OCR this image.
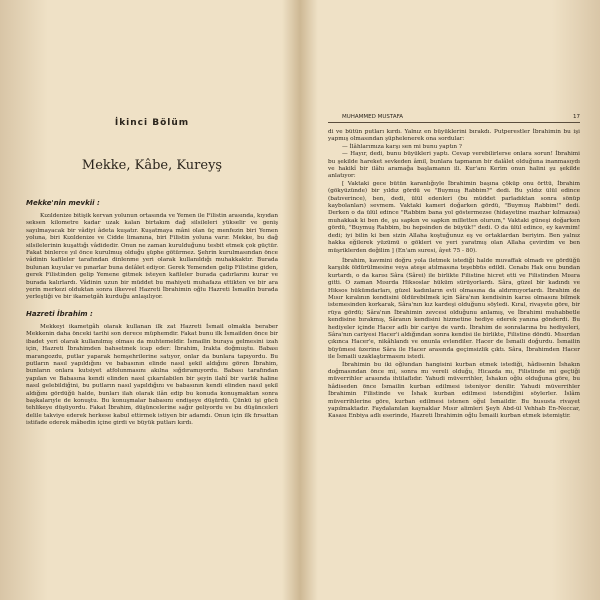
İkinci Bölüm
Mekke, Kâbe, Kureyş
Mekke'nin mevkii :

Kızıldenize bitişik kervan yolunun ortasında ve Yemen ile Filistin arasında, kıyıdan seksen kilometre kadar uzak kalan birtakım dağ silsileleri yükselir ve geniş sayılmayacak bir vâdiyi âdeta kuşatır. Kuşatmaya mâni olan üç menfezin biri Yemen yoluna, biri Kızıldenize ve Cidde limanına, biri Filistin yoluna varır. Mekke, bu dağ silsilelerinin kuşattığı vâdidedir. Onun ne zaman kurulduğunu tesbit etmek çok güçtür. Fakat binlerce yıl önce kurulmuş olduğu şüphe götürmez. Şehrin kurulmasından önce vâdinin kafileler tarafından dinlenme yeri olarak kullanıldığı muhakkaktır. Burada bulunan kuyular ve pınarlar buna delâlet ediyor. Gerek Yemenden gelip Filistine giden, gerek Filistinden gelip Yemene gitmek isteyen kafileler burada çadırlarını kurar ve burada kalırlardı. Vâdinin uzun bir müddet bu mahiyeti muhafaza ettikten ve bir ara yerin merkezi olduktan sonra ilkevvel Hazreti İbrahimin oğlu Hazreti İsmailin burada yerleştiği ve bir ikametgâh kurduğu anlaşılıyor.

Hazreti İbrahim :

Mekkeyi ikametgâh olarak kullanan ilk zat Hazreti İsmail olmakla beraber Mekkenin daha önceki tarihi son derece müphemdir. Fakat bunu ilk İsmailden önce bir ibadet yeri olarak kullanılmış olması da muhtemeldir. İsmailin buraya gelmesini izah için, Hazreti İbrahimden bahsetmek icap eder: İbrahim, Irakta doğmuştu. Babası marangozdu, putlar yaparak hemşehrilerine satıyor, onlar da bunlara tapıyordu. Bu putların nasıl yapıldığını ve babasının elinde nasıl şekil aldığını gören İbrahim, bunların onlara kutsiyet atfolunmasını akılna sığdıramıyordu. Babası tarafından yapılan ve Babasına kendi elinden nasıl çıkarılabilen bir şeyin ilahî bir varlık haline nasıl gelebildiğini, bu putların nasıl yapıldığını ve babasının kendi elinden nasıl şekil aldığını gördüğü halde, bunları ilah olarak ilân edip bu konuda konuşmaktan sonra başkalarıyle de konuştu. Bu konuşmalar babasını endişeye düşürdü. Çünkü işi gücü tehlikeye düşüyordu. Fakat İbrahim, düşüncelerine sağır geliyordu ve bu düşünceleri delile takviye ederek herkese kabul ettirmek istiyen bir adamdı. Onun için ilk fırsattan istifade ederek mâbedin içine girdi ve büyük putları kırdı.

MUHAMMED MUSTAFA	17

di ve bütün putları kırdı. Yalnız en büyüklerini bırakdı. Putperestler İbrahimin bu işi yapmış olmasından şüphelenerek ona sordular:

— İlâhlarımıza karşı sen mi bunu yaptın ?

— Hayır, dedi, bunu büyükleri yaptı. Cevap verebilirlerse onlara sorun! İbrahimi bu şekilde hareket sevkeden âmil, bunlara tapmanın bir dalâlet olduğuna inanmasıydı ve hakikî bir ilâhı aramağa başlamanın ili. Kur'anı Kerim onun halini şu şekilde anlatıyor:

[ Vaktaki gece bütün karanlığıyle İbrahimin başına çöküp onu örttü, İbrahim (gökyüzünde) bir yıldız gördü ve "Buymuş Rabbim?" dedi. Bu yıldız ülül edince (batıverince), ben, dedi, ülül edenleri (bu müddet parladıktan sonra sönüp kaybolanları) sevmem. Vaktaki kameri doğarken gördü, "Buymuş Rabbim!" dedi. Derken o da ülül edince "Rabbim bana yol göstermezse (hidayetine mazhar kılmazsa) muhakkak ki ben de, şu sapkın ve sapkın milletten olurum," Vaktaki güneşi doğarken gördü, "Buymuş Rabbim, bu hepsinden de büyük!" dedi. O da ülül edince, ey kavmim! dedi; iyi bilin ki ben sizin Allaha koştuğunuz eş ve ortaklardan beriyim. Ben yalnız hakka eğilerek yüzümü o gökleri ve yeri yaratmış olan Allaha çevirdim ve ben müşriklerden değilim ] (En'am suresi, âyet 75 - 80).

İbrahim, kavmini doğru yola iletmek istediği halde muvaffak olmadı ve gördüğü karşılık öldürülmesine veya ateşe atılmasına teşebbüs edildi. Cenabı Hak onu bundan kurtardı, o da karısı Sâra (Sârei) ile birlikte Filistine hicret etti ve Filistinden Mısıra gitti. O zaman Mısırda Hiksoslar hüküm sürüyorlardı. Sâra, güzel bir kadındı ve Hiksos hükümdarları, güzel kadınların evli olmasına da aldırmıyorlardı. İbrahim de Mısır kıralının kendisini öldürebilmek için Sâra'nın kendisinin karısı olmasını bilmek istemesinden korkarak, Sâra'nın kız kardeşi olduğunu söyledi. Kıral, rivayete göre, bir rüya gördü; Sâra'nın İbrahimin zevcesi olduğunu anlamış, ve İbrahimi muhabbetle kendisine bırakmış, Sâranın kendisini hizmetine hediye ederek yanına gönderdi. Bu hediyeler içinde Hacer adlı bir cariye de vardı. İbrahim de sonralarına bu hediyeleri, Sâra'nın cariyesi Hacer'i aldığından sonra kendisi ile birlikte, Filistine döndü. Mısırdan çıkınca Hacer'e, nikâhlandı ve onunla evlendiler. Hacer de İsmaili doğurdu. İsmailin büyümesi üzerine Sâra ile Hacer arasında geçimsizlik çıktı. Sâra, İbrahimden Hacer ile İsmaili uzaklaştırmasını istedi.

İbrahimin bu iki oğlundan hangisini kurban etmek istediği, hâdisenin İshakın doğmasından önce mi, sonra mı vereli olduğu, Hicazda mı, Filistinde mi geçtiği müverrihler arasında ihtilaflıdır. Yahudi müverrihler, İshakın oğlu olduğuna göre, bu hâdiseden önce İsmailin kurban edilmesi isteniyor denilir. Yahudi müverrihler İbrahimin Filistinde ve İshak kurban edilmesi istendiğini söylerler. İslâm müverrihlerine göre, kurban edilmesi istenen oğul İsmaildir. Bu hususta rivayet yapılmaktadır. Faydalanılan kaynaklar Mısır alimleri Şeyh Abd-ül Vehhab En-Neccar, Kasası Enbiya adlı eserinde, Hazreti İbrahimin oğlu İsmaili kurban etmek istemiştir.
